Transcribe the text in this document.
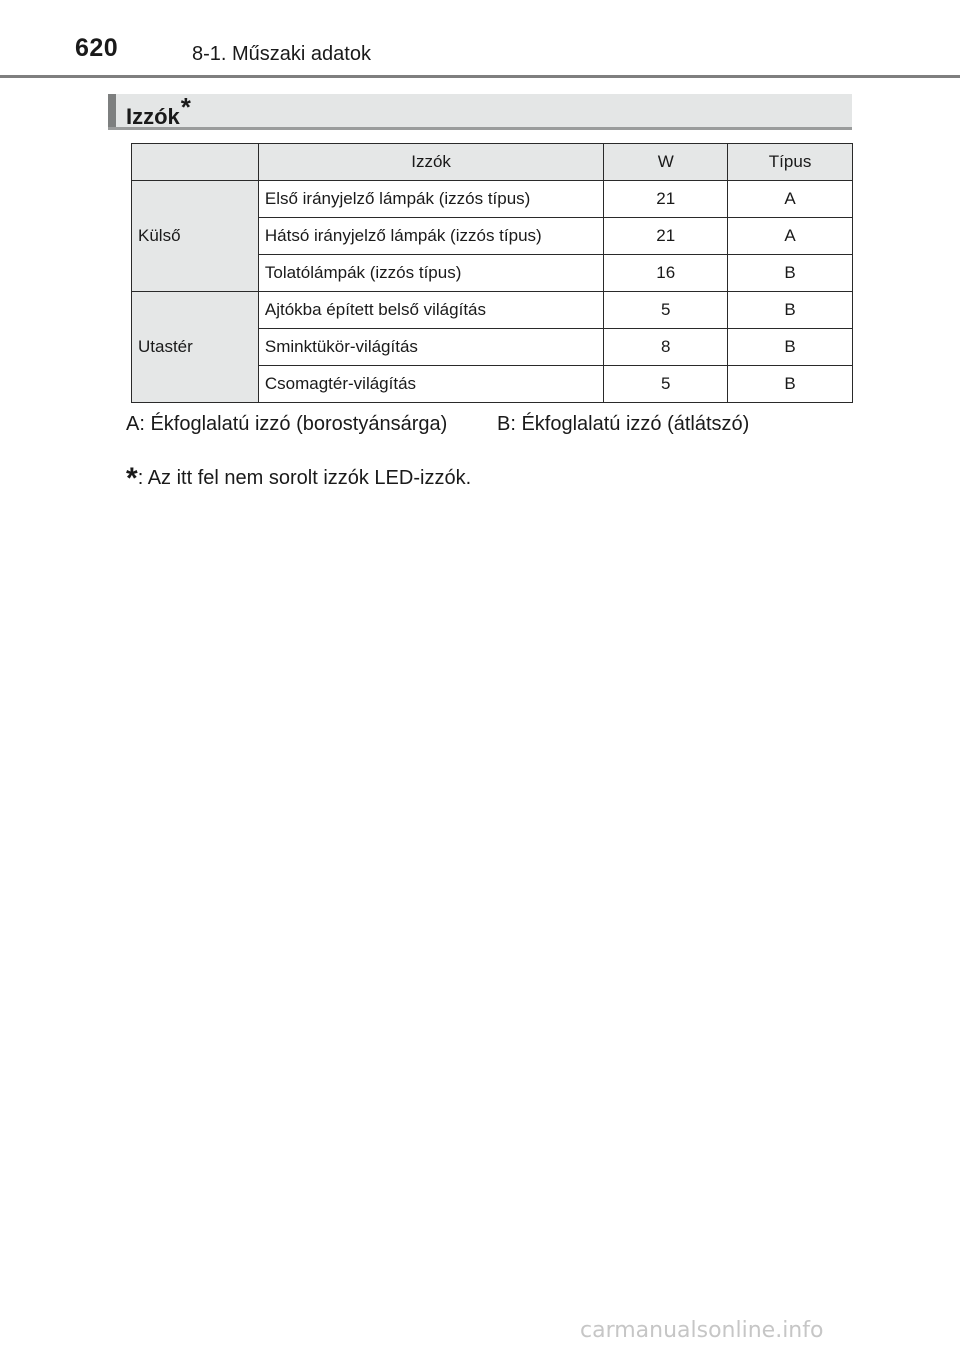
620	8-1. Műszaki adatok
Izzók*
	Izzók	W	Típus
Külső	Első irányjelző lámpák (izzós típus)	21	A
	Hátsó irányjelző lámpák (izzós típus)	21	A
	Tolatólámpák (izzós típus)	16	B
Utastér	Ajtókba épített belső világítás	5	B
	Sminktükör-világítás	8	B
	Csomagtér-világítás	5	B
A: Ékfoglalatú izzó (borostyánsárga) B: Ékfoglalatú izzó (átlátszó)
*: Az itt fel nem sorolt izzók LED-izzók.
carmanualsonline.info
